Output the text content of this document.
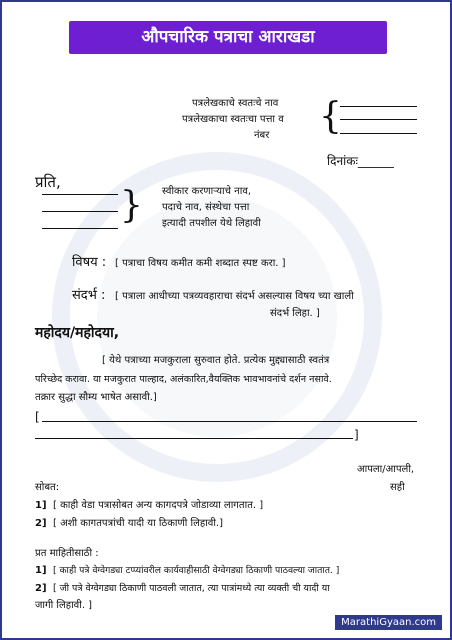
औपचारिक पत्राचा आराखडा
पत्रलेखकाचे स्वतःचे नाव
पत्रलेखकाचा स्वतःचा पत्ता व
नंबर {
दिनांकः______
प्रति,
} स्वीकार करणाऱ्याचे नाव,
पदाचे नाव, संस्थेचा पत्ता
इत्यादी तपशील येथे लिहावी
विषय : [ पत्राचा विषय कमीत कमी शब्दात स्पष्ट करा. ]
संदर्भ : [ पत्राला आधीच्या पत्रव्यवहाराचा संदर्भ असल्यास विषय च्या खाली
संदर्भ लिहा. ]
महोदय/महोदया,
[ येथे पत्राच्या मजकुराला सुरुवात होते. प्रत्येक मुद्द्यासाठी स्वतंत्र
परिच्छेद करावा. या मजकुरात पाल्हाद, अलंकारित,वैयक्तिक भावभावनांचे दर्शन नसावे.
तक्रार सुद्धा सौम्य भाषेत असावी.]
[
]
आपला/आपली,
सही
सोबत:
1] [ काही वेडा पत्रासोबत अन्य कागदपत्रे जोडाव्या लागतात. ]
2] [ अशी कागतपत्रांची यादी या ठिकाणी लिहावी.]
प्रत माहितीसाठी :
1] [ काही पत्रे वेग्वेगड्या टप्प्यांवरील कार्यवाहीसाठी वेग्वेगड्या ठिकाणी पाठवल्या जातात. ]
2] [ जी पत्रे वेग्वेगड्या ठिकाणी पाठवली जातात, त्या पात्रांमध्ये त्या व्यक्ती ची यादी या
जागी लिहावी. ]
MarathiGyaan.com
